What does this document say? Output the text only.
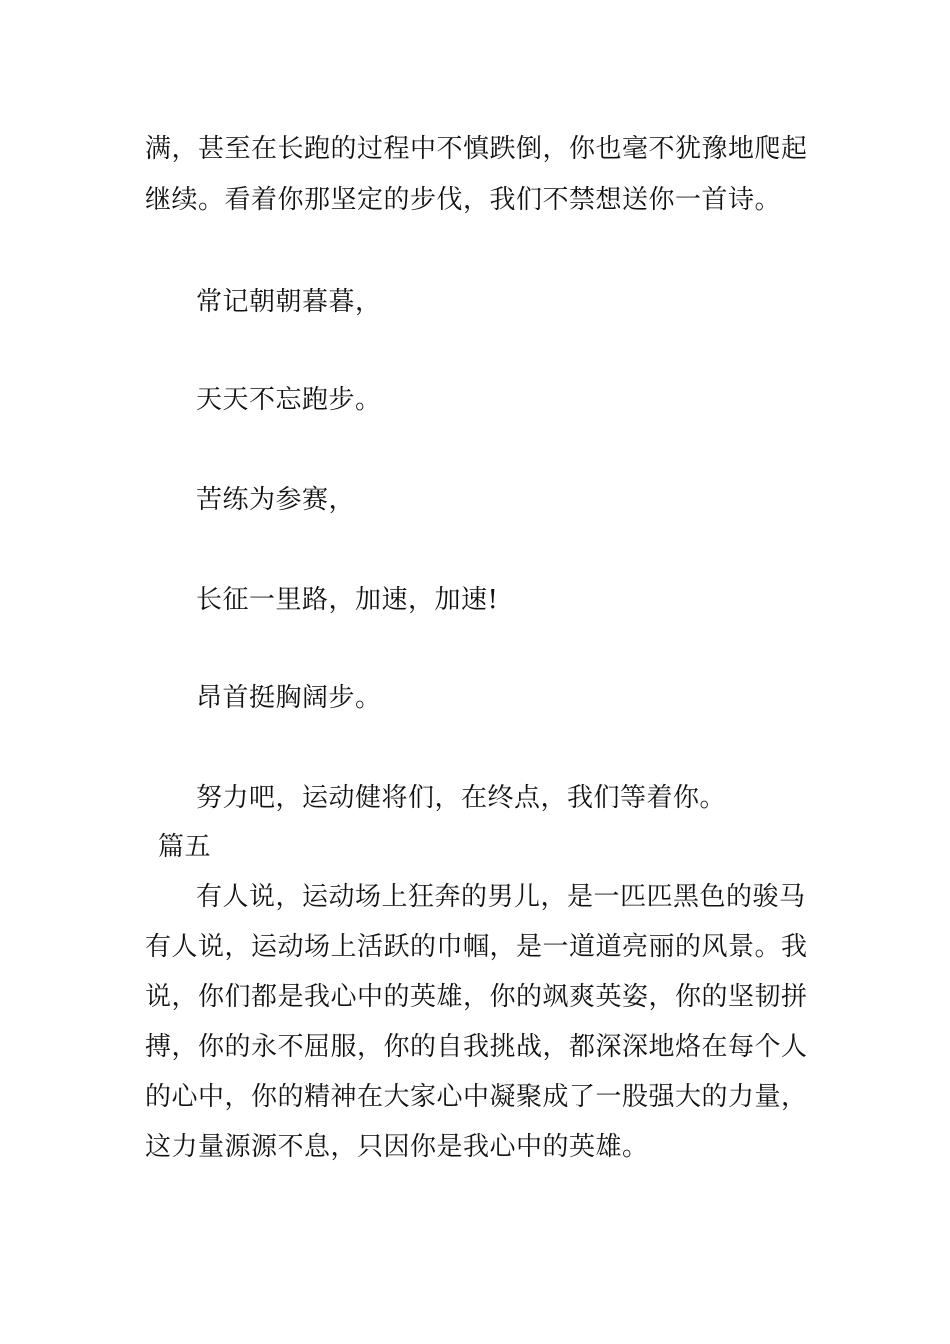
满，甚至在长跑的过程中不慎跌倒，你也毫不犹豫地爬起

继续。看着你那坚定的步伐，我们不禁想送你一首诗。

常记朝朝暮暮，

天天不忘跑步。

苦练为参赛，

长征一里路，加速，加速!

昂首挺胸阔步。

努力吧，运动健将们，在终点，我们等着你。

篇五

有人说，运动场上狂奔的男儿，是一匹匹黑色的骏马

有人说，运动场上活跃的巾帼，是一道道亮丽的风景。我

说，你们都是我心中的英雄，你的飒爽英姿，你的坚韧拼

搏，你的永不屈服，你的自我挑战，都深深地烙在每个人

的心中，你的精神在大家心中凝聚成了一股强大的力量，

这力量源源不息，只因你是我心中的英雄。
